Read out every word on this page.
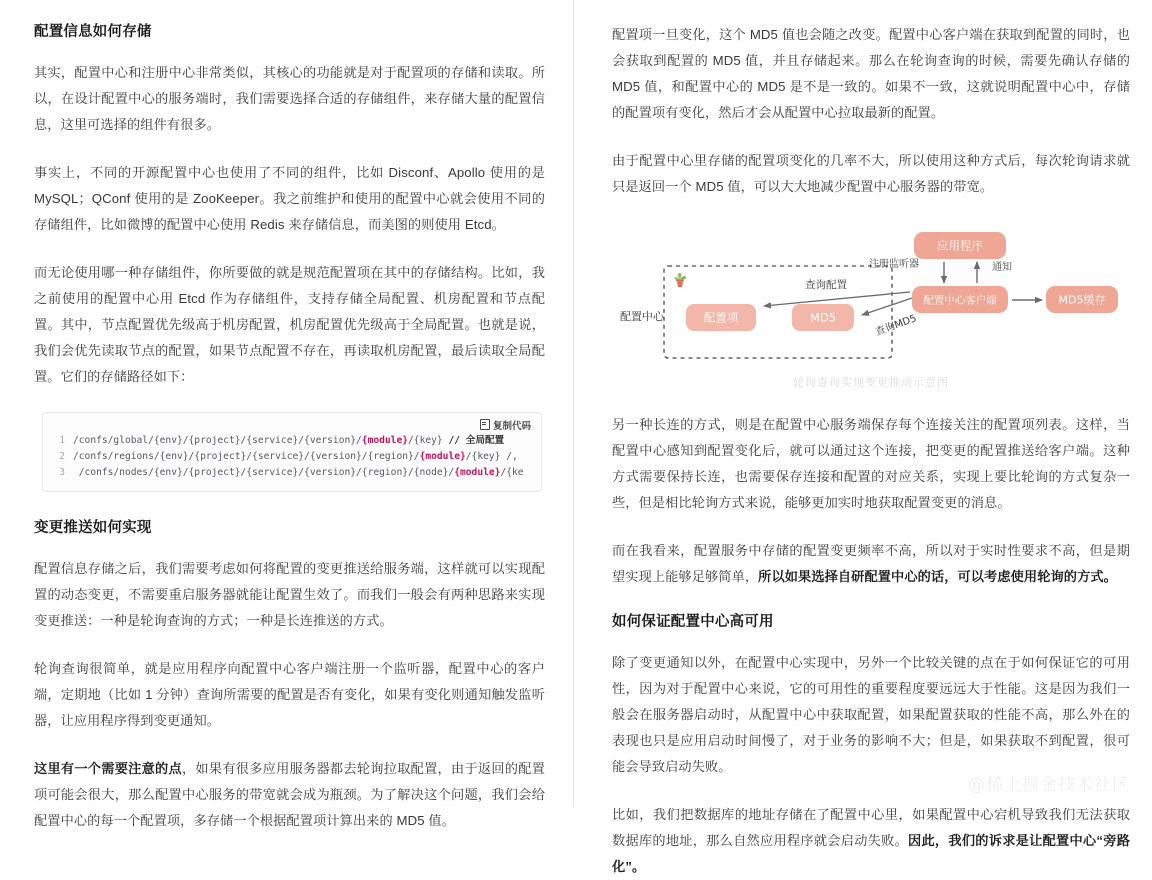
配置信息如何存储

其实，配置中心和注册中心非常类似，其核心的功能就是对于配置项的存储和读取。所以，在设计配置中心的服务端时，我们需要选择合适的存储组件，来存储大量的配置信息，这里可选择的组件有很多。

事实上，不同的开源配置中心也使用了不同的组件，比如 Disconf、Apollo 使用的是 MySQL；QConf 使用的是 ZooKeeper。我之前维护和使用的配置中心就会使用不同的存储组件，比如微博的配置中心使用 Redis 来存储信息，而美图的则使用 Etcd。

而无论使用哪一种存储组件，你所要做的就是规范配置项在其中的存储结构。比如，我之前使用的配置中心用 Etcd 作为存储组件，支持存储全局配置、机房配置和节点配置。其中，节点配置优先级高于机房配置，机房配置优先级高于全局配置。也就是说，我们会优先读取节点的配置，如果节点配置不存在，再读取机房配置，最后读取全局配置。它们的存储路径如下：

复制代码
1 /confs/global/{env}/{project}/{service}/{version}/{module}/{key} // 全局配置
2 /confs/regions/{env}/{project}/{service}/{version}/{region}/{module}/{key} /,
3 /confs/nodes/{env}/{project}/{service}/{version}/{region}/{node}/{module}/{ke
变更推送如何实现

配置信息存储之后，我们需要考虑如何将配置的变更推送给服务端，这样就可以实现配置的动态变更，不需要重启服务器就能让配置生效了。而我们一般会有两种思路来实现变更推送：一种是轮询查询的方式；一种是长连推送的方式。

轮询查询很简单，就是应用程序向配置中心客户端注册一个监听器，配置中心的客户端，定期地（比如 1 分钟）查询所需要的配置是否有变化，如果有变化则通知触发监听器，让应用程序得到变更通知。

这里有一个需要注意的点，如果有很多应用服务器都去轮询拉取配置，由于返回的配置项可能会很大，那么配置中心服务的带宽就会成为瓶颈。为了解决这个问题，我们会给配置中心的每一个配置项，多存储一个根据配置项计算出来的 MD5 值。

配置项一旦变化，这个 MD5 值也会随之改变。配置中心客户端在获取到配置的同时，也会获取到配置的 MD5 值，并且存储起来。那么在轮询查询的时候，需要先确认存储的 MD5 值，和配置中心的 MD5 是不是一致的。如果不一致，这就说明配置中心中，存储的配置项有变化，然后才会从配置中心拉取最新的配置。

由于配置中心里存储的配置项变化的几率不大，所以使用这种方式后，每次轮询请求就只是返回一个 MD5 值，可以大大地减少配置中心服务器的带宽。

配置中心	配置项	MD5
应用程序
配置中心客户端	MD5缓存
注册监听器	通知
查询配置
查询MD5
轮询查询实现变更推动示意图

另一种长连的方式，则是在配置中心服务端保存每个连接关注的配置项列表。这样，当配置中心感知到配置变化后，就可以通过这个连接，把变更的配置推送给客户端。这种方式需要保持长连，也需要保存连接和配置的对应关系，实现上要比轮询的方式复杂一些，但是相比轮询方式来说，能够更加实时地获取配置变更的消息。

而在我看来，配置服务中存储的配置变更频率不高，所以对于实时性要求不高，但是期望实现上能够足够简单，所以如果选择自研配置中心的话，可以考虑使用轮询的方式。

如何保证配置中心高可用

除了变更通知以外，在配置中心实现中，另外一个比较关键的点在于如何保证它的可用性，因为对于配置中心来说，它的可用性的重要程度要远远大于性能。这是因为我们一般会在服务器启动时，从配置中心中获取配置，如果配置获取的性能不高，那么外在的表现也只是应用启动时间慢了，对于业务的影响不大；但是，如果获取不到配置，很可能会导致启动失败。

比如，我们把数据库的地址存储在了配置中心里，如果配置中心宕机导致我们无法获取数据库的地址，那么自然应用程序就会启动失败。因此，我们的诉求是让配置中心“旁路化”。

@稀土掘金技术社区
